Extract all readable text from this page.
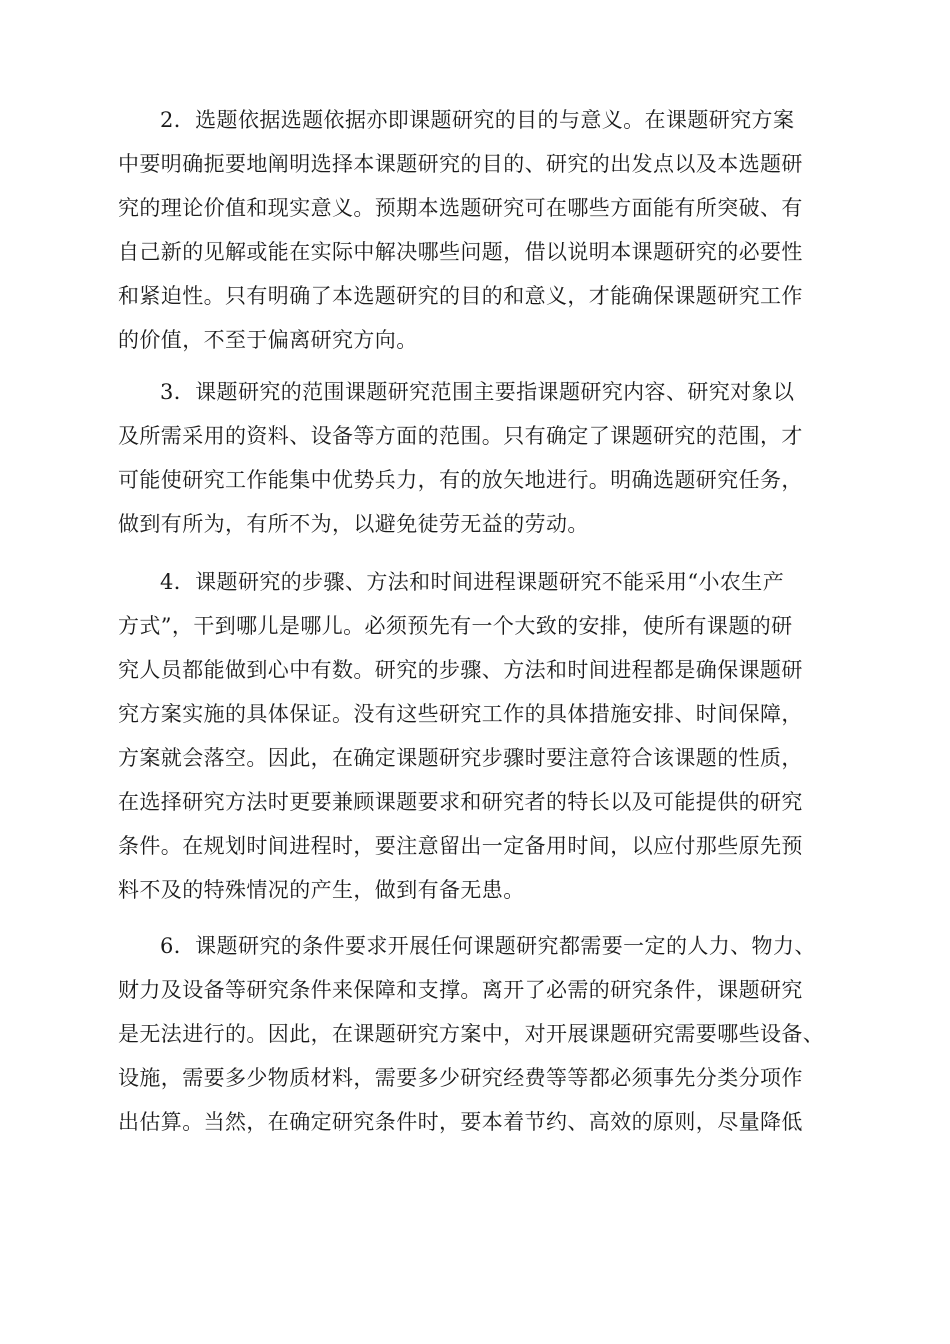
2．选题依据选题依据亦即课题研究的目的与意义。在课题研究方案
中要明确扼要地阐明选择本课题研究的目的、研究的出发点以及本选题研
究的理论价值和现实意义。预期本选题研究可在哪些方面能有所突破、有
自己新的见解或能在实际中解决哪些问题，借以说明本课题研究的必要性
和紧迫性。只有明确了本选题研究的目的和意义，才能确保课题研究工作
的价值，不至于偏离研究方向。
3．课题研究的范围课题研究范围主要指课题研究内容、研究对象以
及所需采用的资料、设备等方面的范围。只有确定了课题研究的范围，才
可能使研究工作能集中优势兵力，有的放矢地进行。明确选题研究任务，
做到有所为，有所不为，以避免徒劳无益的劳动。
4．课题研究的步骤、方法和时间进程课题研究不能采用“小农生产
方式”，干到哪儿是哪儿。必须预先有一个大致的安排，使所有课题的研
究人员都能做到心中有数。研究的步骤、方法和时间进程都是确保课题研
究方案实施的具体保证。没有这些研究工作的具体措施安排、时间保障，
方案就会落空。因此，在确定课题研究步骤时要注意符合该课题的性质，
在选择研究方法时更要兼顾课题要求和研究者的特长以及可能提供的研究
条件。在规划时间进程时，要注意留出一定备用时间，以应付那些原先预
料不及的特殊情况的产生，做到有备无患。
6．课题研究的条件要求开展任何课题研究都需要一定的人力、物力、
财力及设备等研究条件来保障和支撑。离开了必需的研究条件，课题研究
是无法进行的。因此，在课题研究方案中，对开展课题研究需要哪些设备、
设施，需要多少物质材料，需要多少研究经费等等都必须事先分类分项作
出估算。当然，在确定研究条件时，要本着节约、高效的原则，尽量降低
